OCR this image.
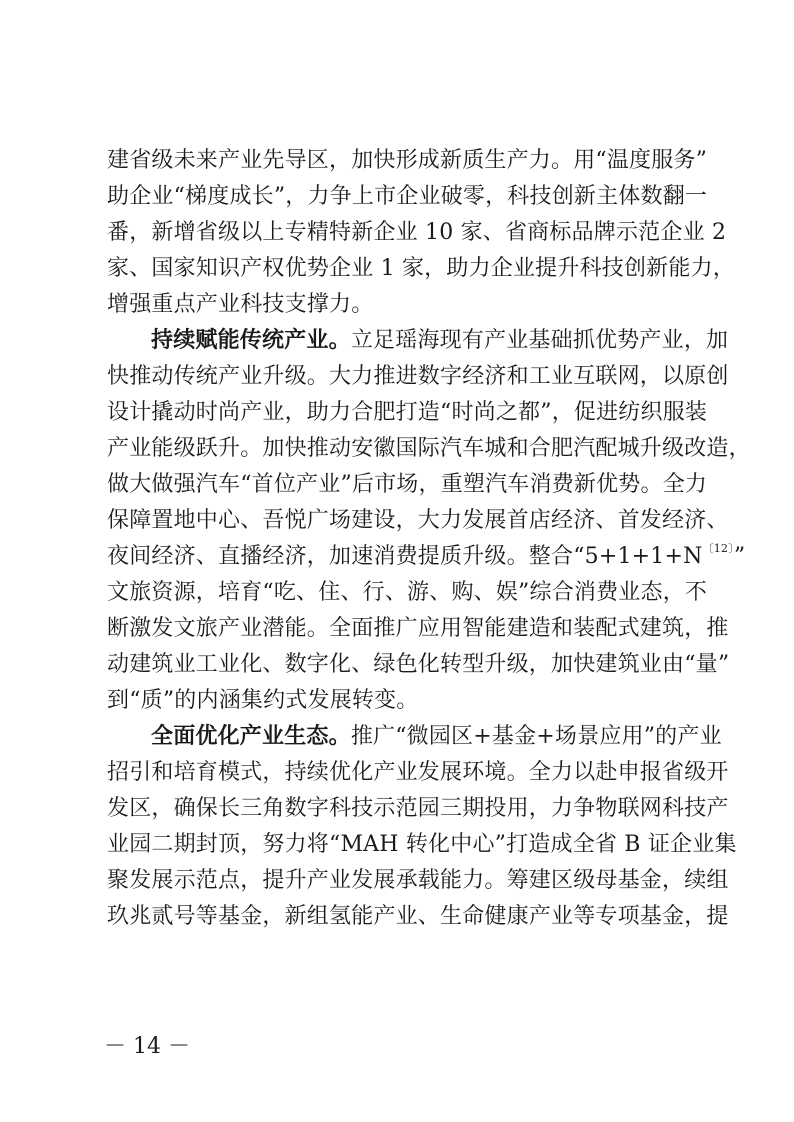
建省级未来产业先导区，加快形成新质生产力。用“温度服务”
助企业“梯度成长”，力争上市企业破零，科技创新主体数翻一
番，新增省级以上专精特新企业 10 家、省商标品牌示范企业 2
家、国家知识产权优势企业 1 家，助力企业提升科技创新能力，
增强重点产业科技支撑力。
持续赋能传统产业。立足瑶海现有产业基础抓优势产业，加
快推动传统产业升级。大力推进数字经济和工业互联网，以原创
设计撬动时尚产业，助力合肥打造“时尚之都”，促进纺织服装
产业能级跃升。加快推动安徽国际汽车城和合肥汽配城升级改造，
做大做强汽车“首位产业”后市场，重塑汽车消费新优势。全力
保障置地中心、吾悦广场建设，大力发展首店经济、首发经济、
夜间经济、直播经济，加速消费提质升级。整合“$5+1+1+N^{〔12〕}$”
文旅资源，培育“吃、住、行、游、购、娱”综合消费业态，不
断激发文旅产业潜能。全面推广应用智能建造和装配式建筑，推
动建筑业工业化、数字化、绿色化转型升级，加快建筑业由“量”
到“质”的内涵集约式发展转变。
全面优化产业生态。推广“微园区+基金+场景应用”的产业
招引和培育模式，持续优化产业发展环境。全力以赴申报省级开
发区，确保长三角数字科技示范园三期投用，力争物联网科技产
业园二期封顶，努力将“MAH 转化中心”打造成全省 B 证企业集
聚发展示范点，提升产业发展承载能力。筹建区级母基金，续组
玖兆贰号等基金，新组氢能产业、生命健康产业等专项基金，提
－ 14 －
